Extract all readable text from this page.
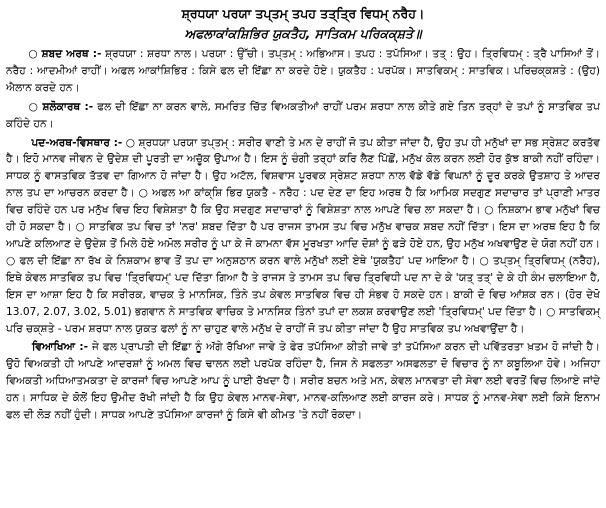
ਸ਼੍ਰਧਯਾ ਪਰਯਾ ਤਪ੍ਤਮ੍ ਤਪਹ ਤਤ੍ਤ੍ਰਿ ਵਿਧਮ੍ ਨਰੈਹ।
ਅਫਲਾਕਾਂਕਸ਼ਿਭਿਰ ਯੁਕਤੈਹ, ਸਾਤਿਕਮ ਪਰਿਕਕ੍ਸ਼ਤੇ॥
○ ਸ਼ਬਦ ਅਰਥ :- ਸ਼੍ਰਧਯਾ : ਸ਼ਰਧਾ ਨਾਲ। ਪਰਯਾ : ਉੱਚੀ। ਤਪ੍ਤਮ੍ : ਅਭਿਆਸ। ਤਪਹ : ਤਪੱਸਿਆ। ਤਤ੍ : ਉਹ। ਤ੍ਰਿਵਿਧਮ੍ : ਤ੍ਰੈ ਪਾਸਿਆਂ ਤੋਂ। ਨਰੈਹ : ਆਦਮੀਆਂ ਰਾਹੀਂ। ਅਫਲ ਆਕਾਂਸ਼ਿਭਿਰ : ਕਿਸੇ ਫਲ ਦੀ ਇੱਛਾ ਨਾ ਕਰਦੇ ਹੋਏ। ਯੁਕਤੈਹ : ਪਰਪੱਕ। ਸਾਤਵਿਕਮ੍ : ਸਾਤਵਿਕ। ਪਰਿਚਕ੍ਕਸ਼ਤੇ : (ਉਹ) ਐਲਾਨ ਕਰਦੇ ਹਨ।
○ ਸ਼ਲੋਕਾਰਥ :- ਫਲ ਦੀ ਇੱਛਾ ਨਾ ਕਰਨ ਵਾਲੇ, ਸਮਰਿਤ ਚਿੱਤ ਵਿਅਕਤੀਆਂ ਰਾਹੀਂ ਪਰਮ ਸ਼ਰਧਾ ਨਾਲ ਕੀਤੇ ਗਏ ਤਿਨ ਤਰ੍ਹਾਂ ਦੇ ਤਪਾਂ ਨੂੰ ਸਾਤਵਿਕ ਤਪ ਕਹਿੰਦੇ ਹਨ।
ਪਦ-ਅਰਥ-ਵਿਸਥਾਰ :- ○ ਸ਼੍ਰਧਯਾ ਪਰਯਾ ਤਪ੍ਤਮ੍ : ਸਰੀਰ ਵਾਣੀ ਤੇ ਮਨ ਦੇ ਰਾਹੀਂ ਜੋ ਤਪ ਕੀਤਾ ਜਾਂਦਾ ਹੈ, ਉਹ ਤਪ ਹੀ ਮਨੁੱਖਾਂ ਦਾ ਸਭ ਸ੍ਰੇਸ਼ਟ ਕਰਤੱਵ ਹੈ। ਇਹੋ ਮਾਨਵ ਜੀਵਨ ਦੇ ਉਦੇਸ਼ ਦੀ ਪੂਰਤੀ ਦਾ ਅਚੂੱਕ ਉਪਾਅ ਹੈ। ਇਸ ਨੂੰ ਚੰਗੀ ਤਰ੍ਹਾਂ ਕਰਿ ਲੈਣ ਪਿੱਛੋਂ, ਮਨੁੱਖ ਕੋਲ ਕਰਨ ਲਈ ਹੋਰ ਕੁੱਝ ਬਾਕੀ ਨਹੀਂ ਰਹਿੰਦਾ। ਸਾਧਕ ਨੂੰ ਵਾਸਤਵਿਕ ਤੱਤਵ ਦਾ ਗਿਆਨ ਹੋ ਜਾਂਦਾ ਹੈ। ਉਹ ਅਟੱਲ, ਵਿਸ਼ਵਾਸ ਪੂਰਵਕ ਸ੍ਰੇਸ਼ਟ ਸ਼ਰਧਾ ਨਾਲ ਵੱਡੇ ਵੱਡੇ ਵਿਘਨਾਂ ਨੂੰ ਦੂਰ ਕਰਕੇ ਉਤਸ਼ਾਹ ਤੇ ਆਦਰ ਨਾਲ ਤਪ ਦਾ ਆਚਰਨ ਕਰਦਾ ਹੈ। ○ ਅਫਲ ਆ ਕਾਂਕ੍ਸ਼ਿ ਭਿਰ ਯੁਕਤੈ - ਨਰੈਹ : ਪਦ ਦੇਣ ਦਾ ਇਹ ਅਰਥ ਹੈ ਕਿ ਆਮਿਕ ਸਦਗੁਣ ਸਦਾਚਾਰ ਤਾਂ ਪ੍ਰਾਣੀ ਮਾਤਰ ਵਿਚ ਰਹਿੰਦੇ ਹਨ ਪਰ ਮਨੁੱਖ ਵਿਚ ਇਹ ਵਿਸ਼ੇਸ਼ਤਾ ਹੈ ਕਿ ਉਹ ਸਦਗੁਣ ਸਦਾਚਾਰਾਂ ਨੂੰ ਵਿਸ਼ੇਸ਼ਤਾ ਨਾਲ ਆਪਣੇ ਵਿਚ ਲਾ ਸਕਦਾ ਹੈ। ○ ਨਿਸ਼ਕਾਮ ਭਾਵ ਮਨੁੱਖਾਂ ਵਿਚ ਹੀ ਹੋ ਸਕਦਾ ਹੈ। ○ ਸਾਤਵਿਕ ਤਪ ਵਿਚ ਤਾਂ 'ਨਰ' ਸ਼ਬਦ ਦਿੱਤਾ ਹੈ ਪਰ ਰਾਜਸ ਤਾਮਸ ਤਪ ਵਿਚ ਮਨੁੱਖ ਵਾਚਕ ਸ਼ਬਦ ਨਹੀਂ ਦਿੱਤਾ। ਇਸ ਦਾ ਅਰਥ ਇਹ ਹੈ ਕਿ ਆਪਣੇ ਕਲਿਆਣ ਦੇ ਉਦੇਸ਼ ਤੋਂ ਮਿਲੇ ਹੋਏ ਅਮੋਲ ਸਰੀਰ ਨੂੰ ਪਾ ਕੇ ਜੋ ਕਾਮਨਾ ਵੱਸ ਮੂਰਖਤਾ ਆਦਿ ਦੋਸ਼ਾਂ ਨੂੰ ਫੜੇ ਹੋਏ ਹਨ, ਉਹ ਮਨੁੱਖ ਅਖਵਾਉਣ ਦੇ ਯੋਗ ਨਹੀਂ ਹਨ। ○ ਫਲ ਦੀ ਇੱਛਾ ਨਾ ਰੱਖ ਕੇ ਨਿਸ਼ਕਾਮ ਭਾਵ ਤੋਂ ਤਪ ਦਾ ਅਨੁਸ਼ਠਾਨ ਕਰਨ ਵਾਲੇ ਮਨੁੱਖਾਂ ਲਈ ਏਥੇ 'ਯੁਕਤੈਹ' ਪਦ ਆਇਆ ਹੈ। ○ ਤਪ੍ਤਮ੍ ਤ੍ਰਿਵਿਧਮ੍ (ਨਰੈਹ), ਇਥੇ ਕੇਵਲ ਸਾਤਵਿਕ ਤਪ ਵਿਚ 'ਤ੍ਰਿਵਿਧਮ੍' ਪਦ ਦਿੱਤਾ ਗਿਆ ਹੈ ਤੇ ਰਾਜਸ ਤੇ ਤਾਮਸ ਤਪ ਵਿਚ ਤ੍ਰਿਵਿਧੀ ਪਦ ਨਾ ਦੇ ਕੇ 'ਯਤ੍ ਤਤ੍' ਦੇ ਕੇ ਹੀ ਕੰਮ ਚਲਾਇਆ ਹੈ, ਇਸ ਦਾ ਆਸ਼ਾ ਇਹ ਹੈ ਕਿ ਸਰੀਰਕ, ਵਾਚਕ ਤੇ ਮਾਨਸਿਕ, ਤਿੰਨੇ ਤਪ ਕੇਵਲ ਸਾਤਵਿਕ ਵਿਚ ਹੀ ਸੰਭਵ ਹੋ ਸਕਦੇ ਹਨ। ਬਾਕੀ ਦੋ ਵਿਚ ਆਂਸ਼ਕ ਰਨ। (ਹੋਰ ਦੇਖੋ 13.07, 2.07, 3.02, 5.01) ਭਗਵਾਨ ਨੇ ਸਾਤਵਿਕ ਵਾਚਿਕ ਤੇ ਮਾਨਸਿਕ ਤਿੰਨਾਂ ਤਪਾਂ ਦਾ ਲਕਸ਼ ਕਰਵਾਉਣ ਲਈ 'ਤ੍ਰਿਵਿਧਮ੍' ਪਦ ਦਿੱਤਾ ਹੈ। ○ ਸਾਤਵਿਕਮ੍ ਪਰਿ ਚਕ੍ਸ਼ਤੇ - ਪਰਮ ਸ਼ਰਧਾ ਨਾਲ ਯੁਕਤ ਫਲਾਂ ਨੂੰ ਨਾ ਚਾਹੁਣ ਵਾਲੇ ਮਨੁੱਖ ਦੇ ਰਾਹੀਂ ਜੋ ਤਪ ਕੀਤਾ ਜਾਂਦਾ ਹੈ ਉਹ ਸਾਤਵਿਕ ਤਪ ਅਖਵਾਉਂਦਾ ਹੈ।
ਵਿਆਖਿਆ :- ਜੇ ਫਲ ਪ੍ਰਾਪਤੀ ਦੀ ਇੱਛਾ ਨੂੰ ਅੱਗੇ ਰੱਖਿਆ ਜਾਵੇ ਤੇ ਫੇਰ ਤਪੱਸਿਆ ਕੀਤੀ ਜਾਵੇ ਤਾਂ ਤਪੱਸਿਆ ਕਰਨ ਦੀ ਪਵਿੱਤਰਤਾ ਖ਼ਤਮ ਹੋ ਜਾਂਦੀ ਹੈ। ਉਹੋ ਵਿਅਕਤੀ ਹੀ ਆਪਣੇ ਆਦਰਸ਼ਾਂ ਨੂੰ ਅਮਲ ਵਿਚ ਢਾਲਨ ਲਈ ਪਰਪੱਕ ਰਹਿੰਦਾ ਹੈ, ਜਿਸ ਨੇ ਸਫਲਤਾ ਅਸਫਲਤਾ ਦੋ ਵਿਚਾਰ ਨੂੰ ਨਾ ਕਬੂਲਿਆ ਹੋਵੇ। ਅਜਿਹਾ ਵਿਅਕਤੀ ਅਧਿਆਤਮਕਤਾ ਦੇ ਕਾਰਜਾਂ ਵਿਚ ਆਪਣੇ ਆਪ ਨੂੰ ਪਾਈ ਰੱਖਦਾ ਹੈ। ਸਰੀਰ ਬਚਨ ਅਤੇ ਮਨ, ਕੇਵਲ ਮਾਨਵਤਾ ਦੀ ਸੇਵਾ ਲਈ ਵਰਤੋਂ ਵਿਚ ਲਿਆਏ ਜਾਂਦੇ ਹਨ। ਸਾਧਿਕ ਦੇ ਕੋਲੋਂ ਇਹ ਉਮੀਦ ਰੱਖੀ ਜਾਂਦੀ ਹੈ ਕਿ ਉਹ ਕੇਵਲ ਮਾਨਵ-ਸੇਵਾ, ਮਾਨਵ-ਕਲਿਆਣ ਲਈ ਕਾਰਜ ਕਰੇ। ਸਾਧਕ ਨੂੰ ਮਾਨਵ-ਸੇਵਾ ਲਈ ਕਿਸੇ ਇਨਾਮ ਫਲ ਦੀ ਲੋੜ ਨਹੀਂ ਹੁੰਦੀ। ਸਾਧਕ ਆਪਣੇ ਤਪੱਸਿਆ ਕਾਰਜਾਂ ਨੂੰ ਕਿਸੇ ਵੀ ਕੀਮਤ 'ਤੇ ਨਹੀਂ ਰੋਕਦਾ।
